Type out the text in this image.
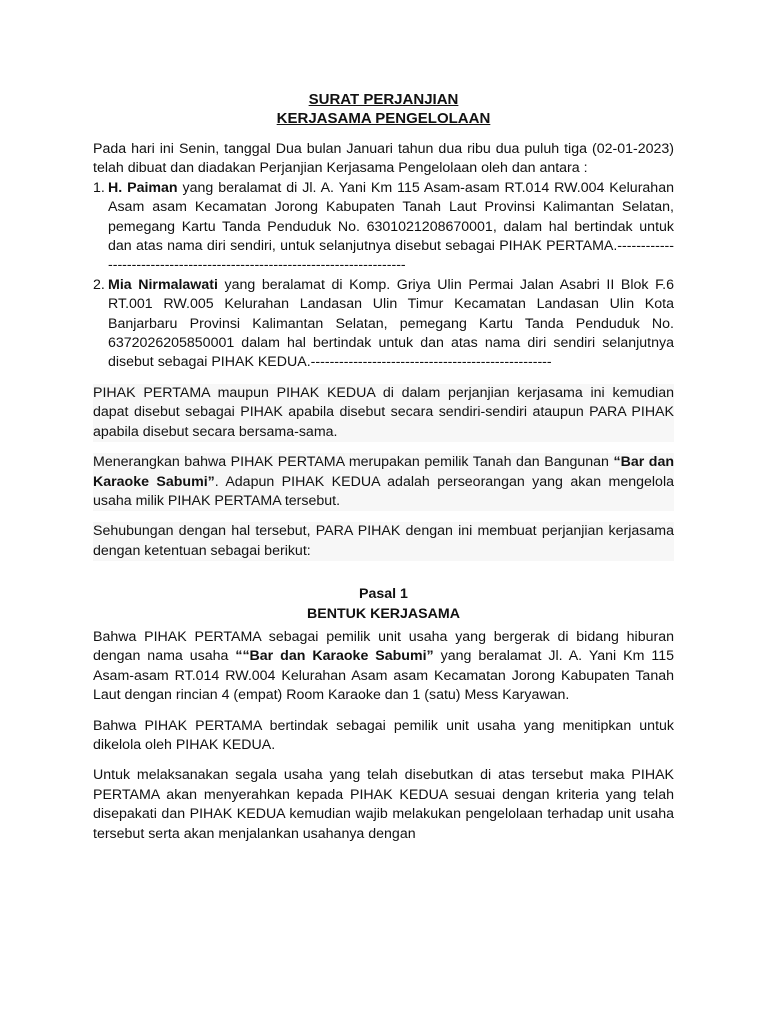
SURAT PERJANJIAN
KERJASAMA PENGELOLAAN
Pada hari ini Senin, tanggal Dua bulan Januari tahun dua ribu dua puluh tiga (02-01-2023) telah dibuat dan diadakan Perjanjian Kerjasama Pengelolaan oleh dan antara :
1. H. Paiman yang beralamat di Jl. A. Yani Km 115 Asam-asam RT.014 RW.004 Kelurahan Asam asam Kecamatan Jorong Kabupaten Tanah Laut Provinsi Kalimantan Selatan, pemegang Kartu Tanda Penduduk No. 6301021208670001, dalam hal bertindak untuk dan atas nama diri sendiri, untuk selanjutnya disebut sebagai PIHAK PERTAMA.---------------------------------------------------------------------------
2. Mia Nirmalawati yang beralamat di Komp. Griya Ulin Permai Jalan Asabri II Blok F.6 RT.001 RW.005 Kelurahan Landasan Ulin Timur Kecamatan Landasan Ulin Kota Banjarbaru Provinsi Kalimantan Selatan, pemegang Kartu Tanda Penduduk No. 6372026205850001 dalam hal bertindak untuk dan atas nama diri sendiri selanjutnya disebut sebagai PIHAK KEDUA.---------------------------------------------------
PIHAK PERTAMA maupun PIHAK KEDUA di dalam perjanjian kerjasama ini kemudian dapat disebut sebagai PIHAK apabila disebut secara sendiri-sendiri ataupun PARA PIHAK apabila disebut secara bersama-sama.
Menerangkan bahwa PIHAK PERTAMA merupakan pemilik Tanah dan Bangunan “Bar dan Karaoke Sabumi”. Adapun PIHAK KEDUA adalah perseorangan yang akan mengelola usaha milik PIHAK PERTAMA tersebut.
Sehubungan dengan hal tersebut, PARA PIHAK dengan ini membuat perjanjian kerjasama dengan ketentuan sebagai berikut:
Pasal 1
BENTUK KERJASAMA
Bahwa PIHAK PERTAMA sebagai pemilik unit usaha yang bergerak di bidang hiburan dengan nama usaha ““Bar dan Karaoke Sabumi” yang beralamat Jl. A. Yani Km 115 Asam-asam RT.014 RW.004 Kelurahan Asam asam Kecamatan Jorong Kabupaten Tanah Laut dengan rincian 4 (empat) Room Karaoke dan 1 (satu) Mess Karyawan.
Bahwa PIHAK PERTAMA bertindak sebagai pemilik unit usaha yang menitipkan untuk dikelola oleh PIHAK KEDUA.
Untuk melaksanakan segala usaha yang telah disebutkan di atas tersebut maka PIHAK PERTAMA akan menyerahkan kepada PIHAK KEDUA sesuai dengan kriteria yang telah disepakati dan PIHAK KEDUA kemudian wajib melakukan pengelolaan terhadap unit usaha tersebut serta akan menjalankan usahanya dengan
